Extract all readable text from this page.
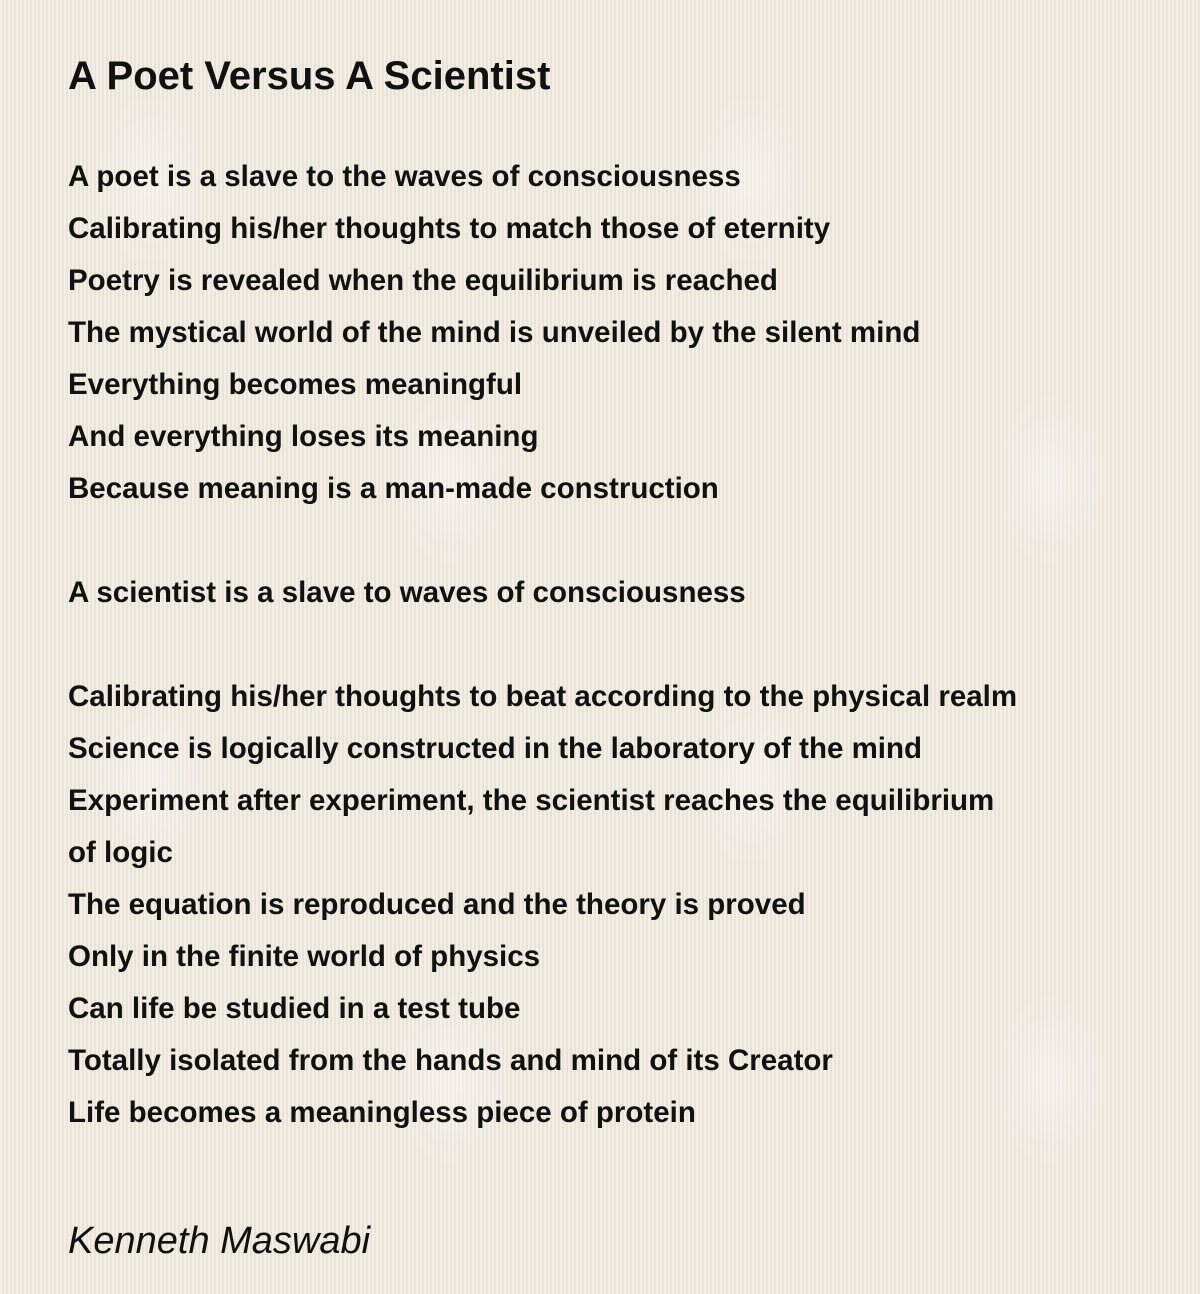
A Poet Versus A Scientist
A poet is a slave to the waves of consciousness
Calibrating his/her thoughts to match those of eternity
Poetry is revealed when the equilibrium is reached
The mystical world of the mind is unveiled by the silent mind
Everything becomes meaningful
And everything loses its meaning
Because meaning is a man-made construction
A scientist is a slave to waves of consciousness
Calibrating his/her thoughts to beat according to the physical realm
Science is logically constructed in the laboratory of the mind
Experiment after experiment, the scientist reaches the equilibrium
of logic
The equation is reproduced and the theory is proved
Only in the finite world of physics
Can life be studied in a test tube
Totally isolated from the hands and mind of its Creator
Life becomes a meaningless piece of protein
Kenneth Maswabi
